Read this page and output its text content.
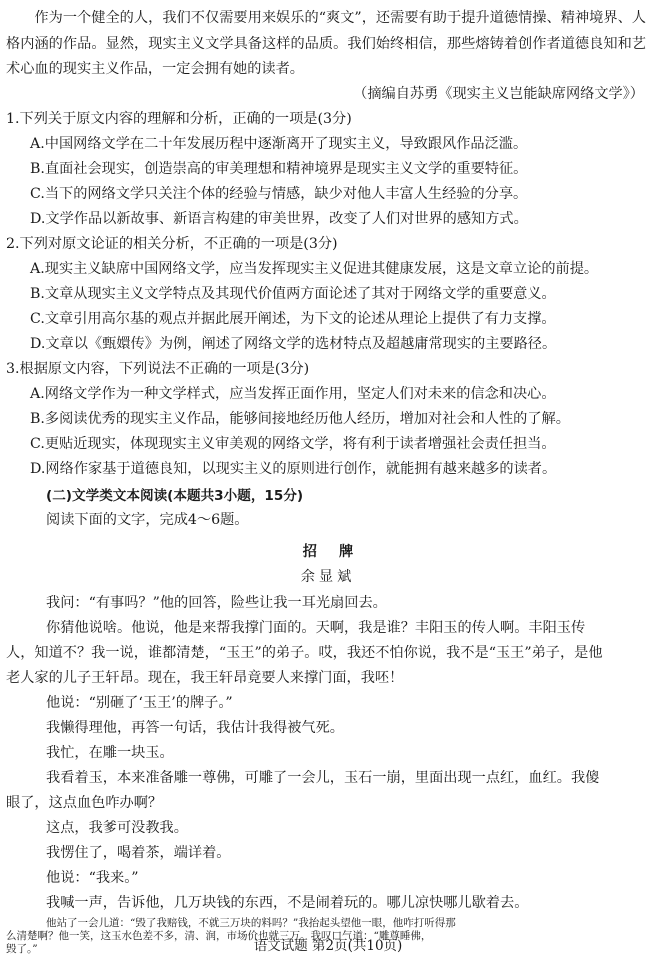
作为一个健全的人，我们不仅需要用来娱乐的“爽文”，还需要有助于提升道德情操、精神境界、人格内涵的作品。显然，现实主义文学具备这样的品质。我们始终相信，那些熔铸着创作者道德良知和艺术心血的现实主义作品，一定会拥有她的读者。

（摘编自苏勇《现实主义岂能缺席网络文学》）

1.下列关于原文内容的理解和分析，正确的一项是(3分)

A.中国网络文学在二十年发展历程中逐渐离开了现实主义，导致跟风作品泛滥。

B.直面社会现实，创造崇高的审美理想和精神境界是现实主义文学的重要特征。

C.当下的网络文学只关注个体的经验与情感，缺少对他人丰富人生经验的分享。

D.文学作品以新故事、新语言构建的审美世界，改变了人们对世界的感知方式。

2.下列对原文论证的相关分析，不正确的一项是(3分)

A.现实主义缺席中国网络文学，应当发挥现实主义促进其健康发展，这是文章立论的前提。

B.文章从现实主义文学特点及其现代价值两方面论述了其对于网络文学的重要意义。

C.文章引用高尔基的观点并据此展开阐述，为下文的论述从理论上提供了有力支撑。

D.文章以《甄嬛传》为例，阐述了网络文学的选材特点及超越庸常现实的主要路径。

3.根据原文内容，下列说法不正确的一项是(3分)

A.网络文学作为一种文学样式，应当发挥正面作用，坚定人们对未来的信念和决心。

B.多阅读优秀的现实主义作品，能够间接地经历他人经历，增加对社会和人性的了解。

C.更贴近现实，体现现实主义审美观的网络文学，将有利于读者增强社会责任担当。

D.网络作家基于道德良知，以现实主义的原则进行创作，就能拥有越来越多的读者。

(二)文学类文本阅读(本题共3小题，15分)

阅读下面的文字，完成4～6题。

招牌

余显斌

我问：“有事吗？”他的回答，险些让我一耳光扇回去。

你猜他说啥。他说，他是来帮我撑门面的。天啊，我是谁？丰阳玉的传人啊。丰阳玉传

人，知道不？我一说，谁都清楚，“玉王”的弟子。哎，我还不怕你说，我不是“玉王”弟子，是他

老人家的儿子王轩昂。现在，我王轩昂竟要人来撑门面，我呸！

他说：“别砸了‘玉王’的牌子。”

我懒得理他，再答一句话，我估计我得被气死。

我忙，在雕一块玉。

我看着玉，本来准备雕一尊佛，可雕了一会儿，玉石一崩，里面出现一点红，血红。我傻

眼了，这点血色咋办啊？

这点，我爹可没教我。

我愣住了，喝着茶，端详着。

他说：“我来。”

我喊一声，告诉他，几万块钱的东西，不是闹着玩的。哪儿凉快哪儿歇着去。

他站了一会儿道：“毁了我赔钱，不就三万块的料吗？”我抬起头望他一眼，他咋打听得那

么清楚啊？他一笑，这玉水色差不多，清、润，市场价也就三万。我叹口气道：“雕尊睡佛，

毁了。”	语文试题 第2页(共10页)
